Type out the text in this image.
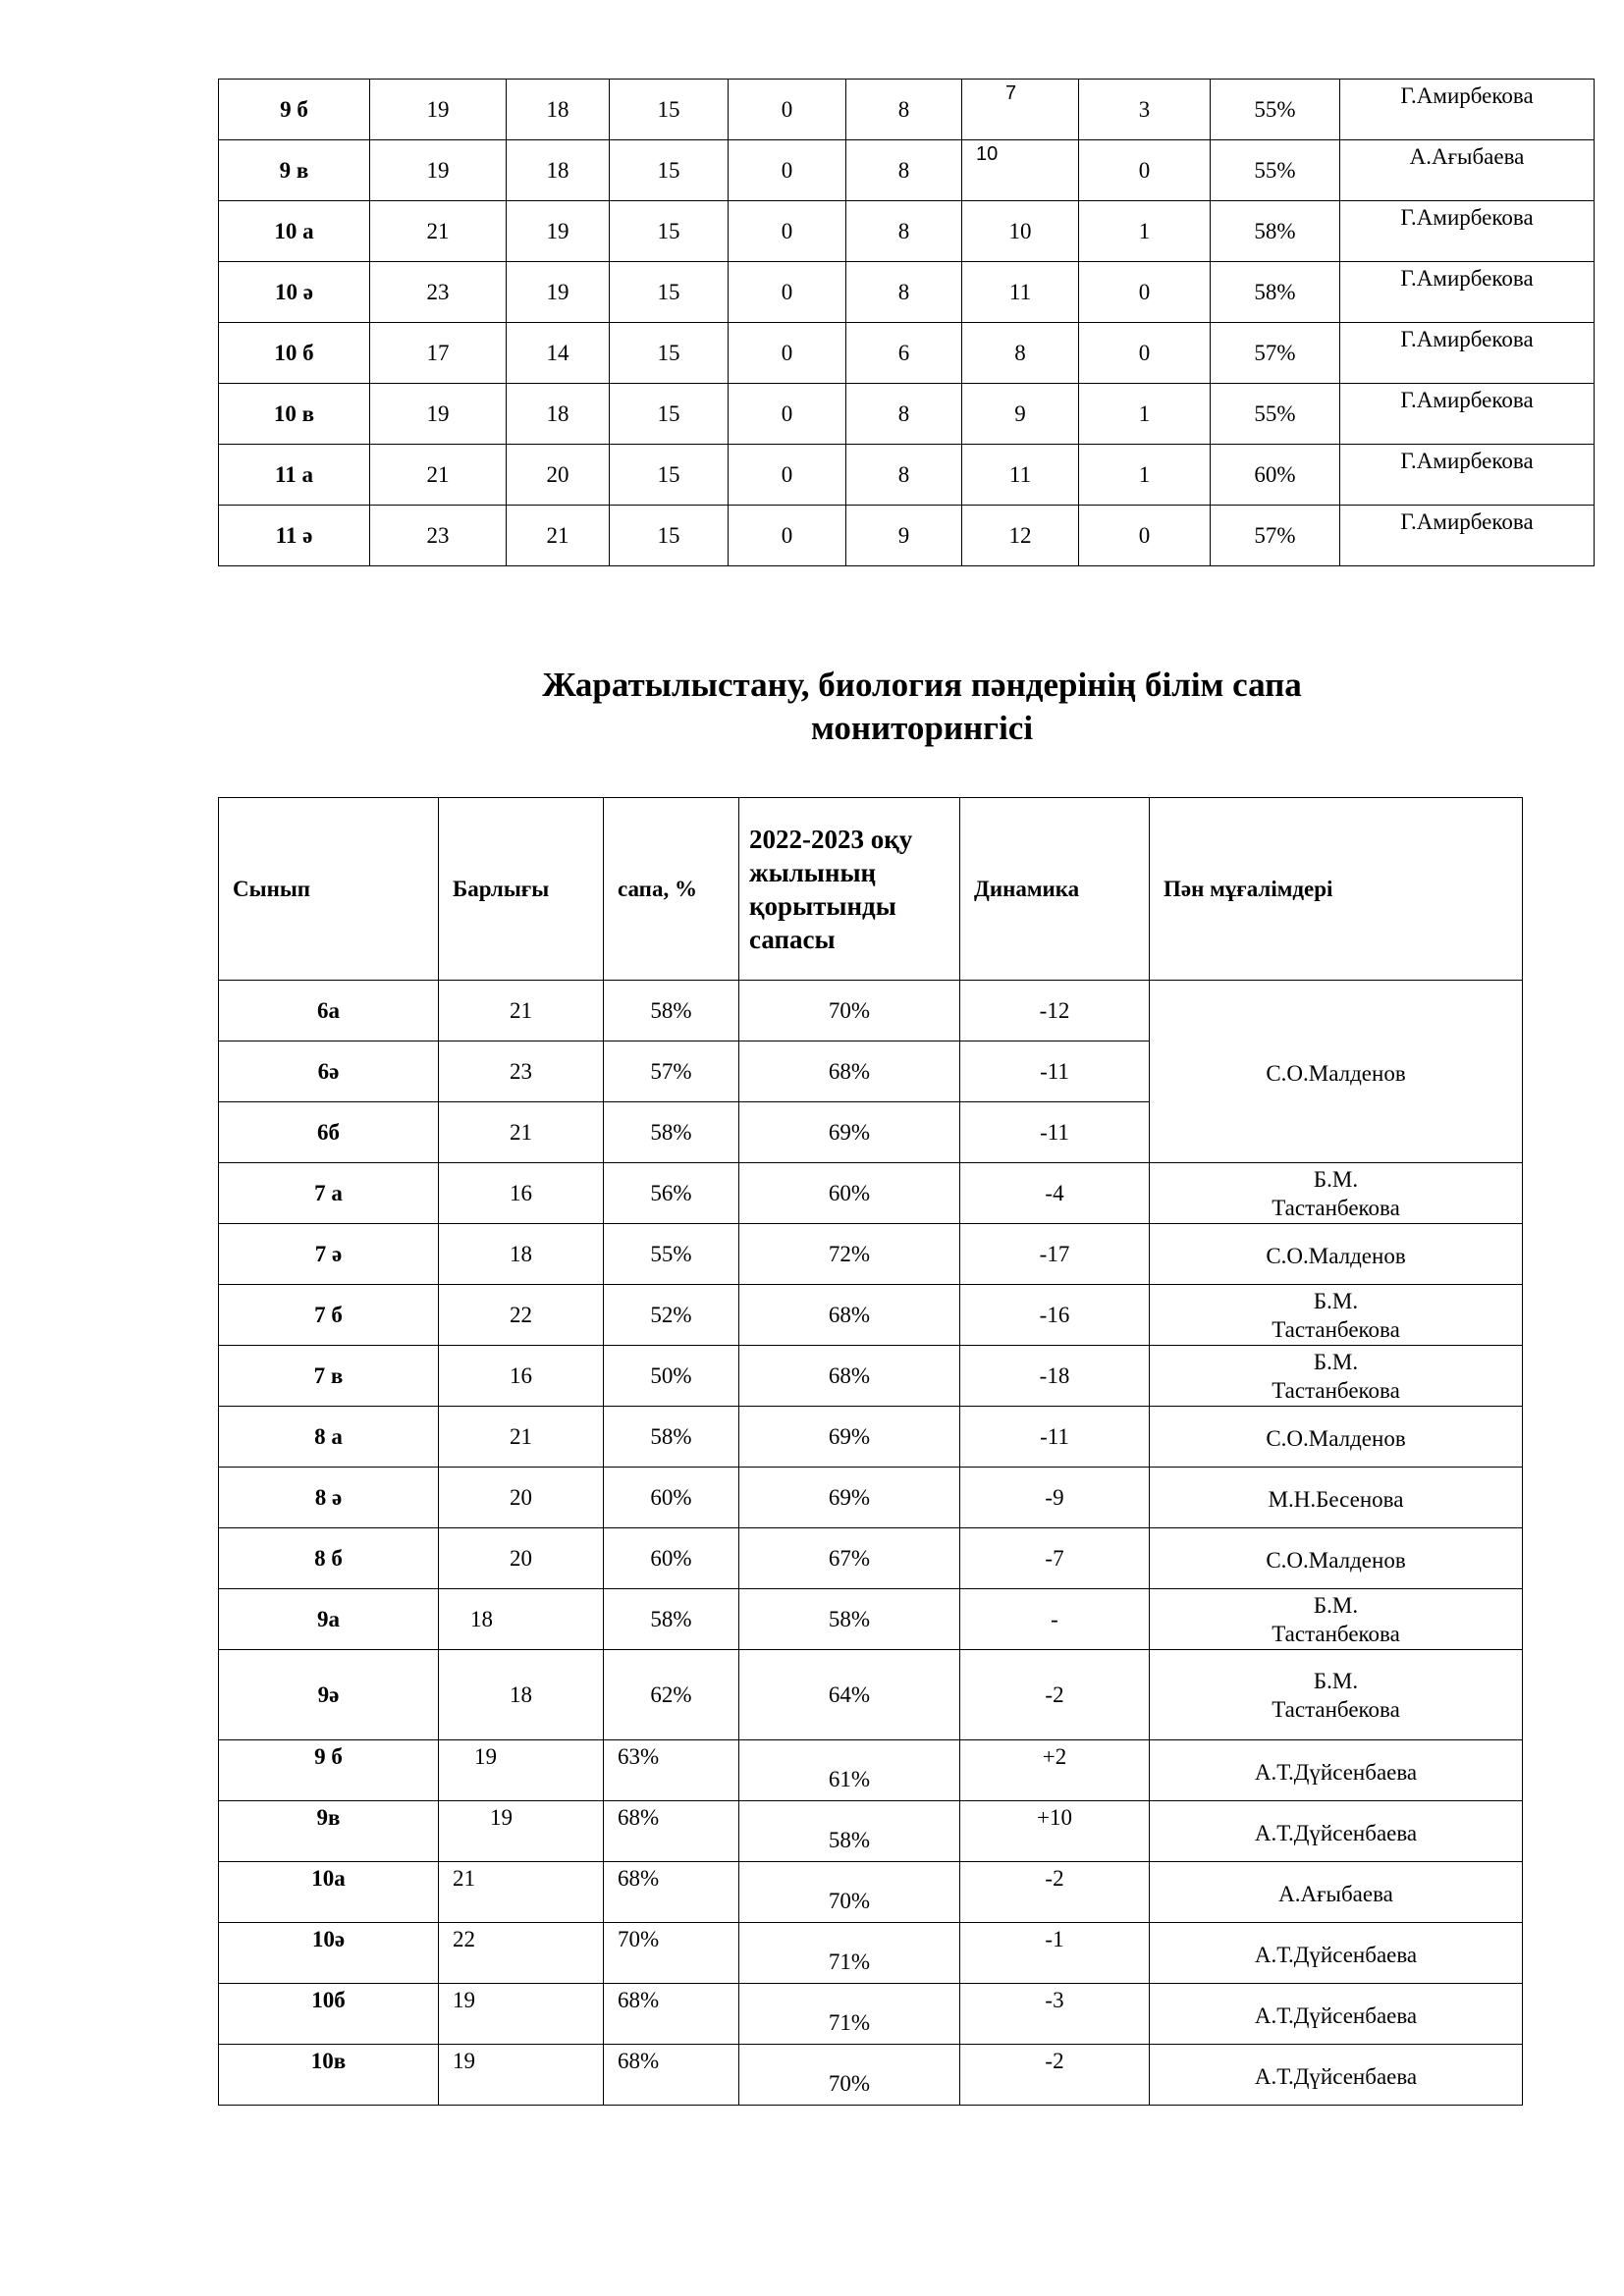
9 б	19	18	15	0	8	7	3	55%	Г.Амирбекова
9 в	19	18	15	0	8	10	0	55%	А.Ағыбаева
10 а	21	19	15	0	8	10	1	58%	Г.Амирбекова
10 ә	23	19	15	0	8	11	0	58%	Г.Амирбекова
10 б	17	14	15	0	6	8	0	57%	Г.Амирбекова
10 в	19	18	15	0	8	9	1	55%	Г.Амирбекова
11 а	21	20	15	0	8	11	1	60%	Г.Амирбекова
11 ә	23	21	15	0	9	12	0	57%	Г.Амирбекова
Жаратылыстану, биология пәндерінің білім сапа
мониторингісі
Сынып	Барлығы	сапа, %	2022-2023 оқу жылының қорытынды сапасы	Динамика	Пән мұғалімдері
6а	21	58%	70%	-12	С.О.Малденов
6ә	23	57%	68%	-11	
6б	21	58%	69%	-11	
7 а	16	56%	60%	-4	Б.М.
Тастанбекова

7 ә	18	55%	72%	-17	С.О.Малденов
7 б	22	52%	68%	-16	Б.М.
Тастанбекова

7 в	16	50%	68%	-18	Б.М.
Тастанбекова

8 а	21	58%	69%	-11	С.О.Малденов
8 ә	20	60%	69%	-9	М.Н.Бесенова
8 б	20	60%	67%	-7	С.О.Малденов
9а	18	58%	58%	-	Б.М.
Тастанбекова

9ә	18	62%	64%	-2	Б.М.
Тастанбекова

9 б	19	63%	61%	+2	А.Т.Дүйсенбаева
9в	19	68%	58%	+10	А.Т.Дүйсенбаева
10а	21	68%	70%	-2	А.Ағыбаева
10ә	22	70%	71%	-1	А.Т.Дүйсенбаева
10б	19	68%	71%	-3	А.Т.Дүйсенбаева
10в	19	68%	70%	-2	А.Т.Дүйсенбаева
